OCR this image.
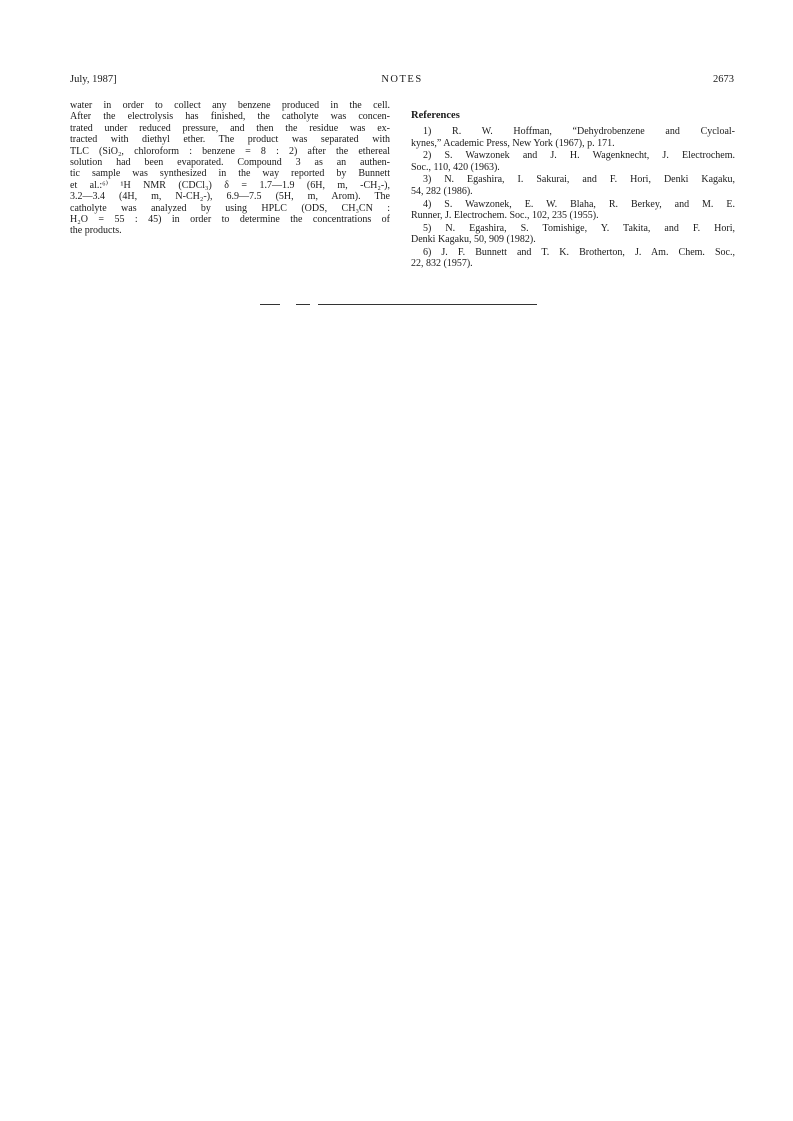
July, 1987]	NOTES	2673
water in order to collect any benzene produced in the cell.
After the electrolysis has finished, the catholyte was concen-
trated under reduced pressure, and then the residue was ex-
tracted with diethyl ether. The product was separated with
TLC (SiO₂, chloroform : benzene = 8 : 2) after the ethereal
solution had been evaporated. Compound 3 as an authen-
tic sample was synthesized in the way reported by Bunnett
et al.:⁶⁾ ¹H NMR (CDCl₃) δ = 1.7—1.9 (6H, m, -CH₂-),
3.2—3.4 (4H, m, N-CH₂-), 6.9—7.5 (5H, m, Arom). The
catholyte was analyzed by using HPLC (ODS, CH₃CN :
H₂O = 55 : 45) in order to determine the concentrations of
the products.
References
1) R. W. Hoffman, “Dehydrobenzene and Cycloal-
kynes,” Academic Press, New York (1967), p. 171.
2) S. Wawzonek and J. H. Wagenknecht, J. Electrochem.
Soc., 110, 420 (1963).
3) N. Egashira, I. Sakurai, and F. Hori, Denki Kagaku,
54, 282 (1986).
4) S. Wawzonek, E. W. Blaha, R. Berkey, and M. E.
Runner, J. Electrochem. Soc., 102, 235 (1955).
5) N. Egashira, S. Tomishige, Y. Takita, and F. Hori,
Denki Kagaku, 50, 909 (1982).
6) J. F. Bunnett and T. K. Brotherton, J. Am. Chem. Soc.,
22, 832 (1957).
